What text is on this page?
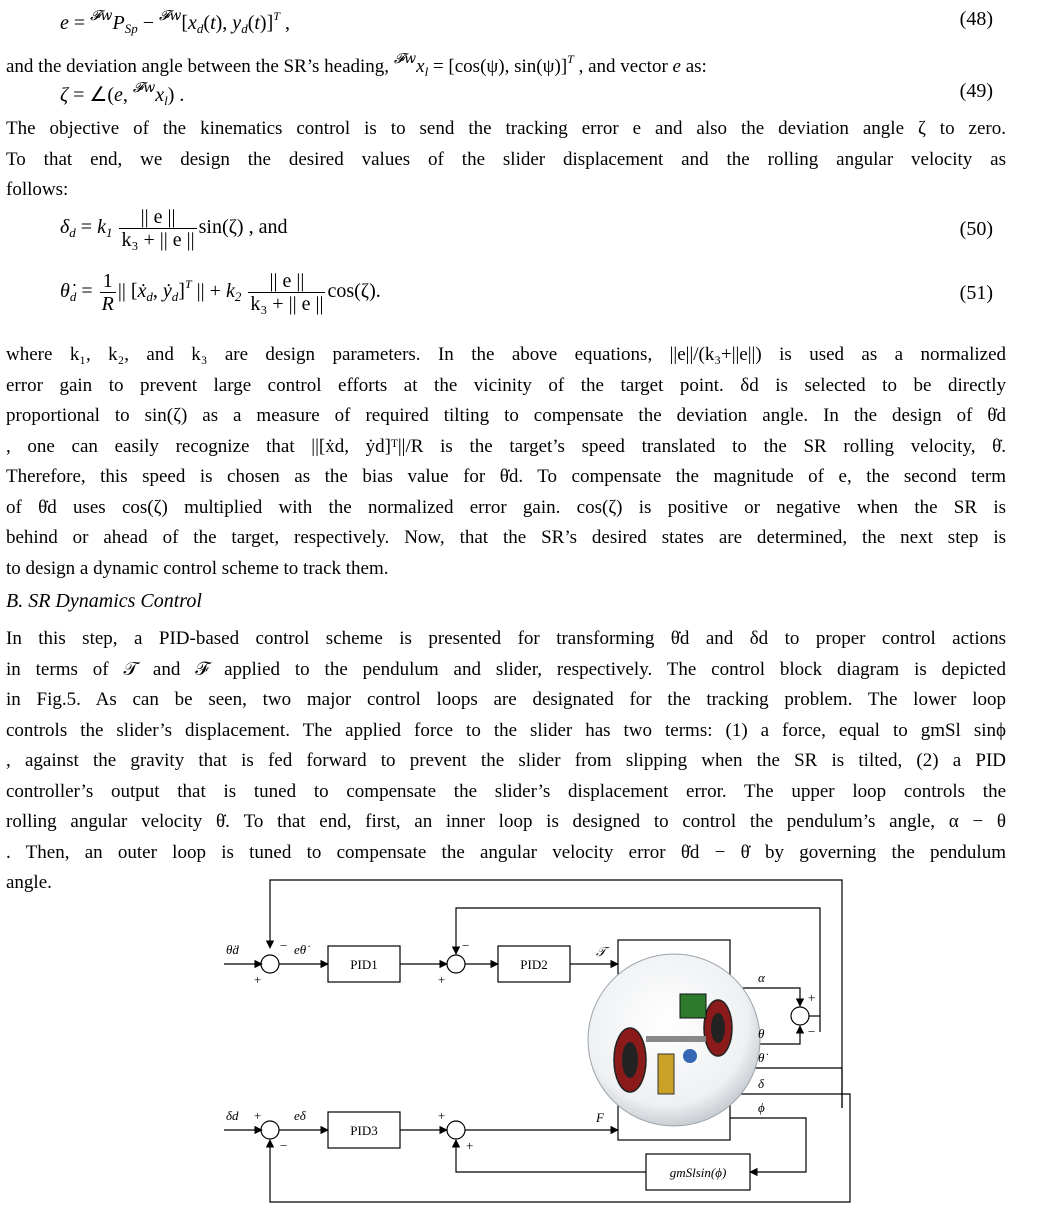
$e = ^{𝓕w}P_{Sp} - ^{𝓕w}[x_d(t)$, $y_d(t)]^T$ ,	(48)
and the deviation angle between the SR’s heading, $^{𝓕w}x_l = [\cos(\psi)$, sin(ψ)]$^T$ , and vector e as:
ζ = ∠(e, $^{𝓕w}x_l$) .	(49)
The objective of the kinematics control is to send the tracking error e and also the deviation angle ζ to zero.
To that end, we design the desired values of the slider displacement and the rolling angular velocity as
follows:
$\delta_d = k_1 \frac{|| e ||}{\text{k₃ + || e ||}} \sin(\zeta)$ , and	(50)
$\thetȧ_d = \frac{1}{R}$ || [ẋ$_d$, ẏ$_d$]$^T$ || + $k_2 \frac{|| e ||}{\text{k₃ + || e ||}} \cos(\zeta)$.	(51)
where k₁, k₂, and k₃ are design parameters. In the above equations, ||e||/(k₃+||e||) is used as a normalized
error gain to prevent large control efforts at the vicinity of the target point. δd is selected to be directly
proportional to sin(ζ) as a measure of required tilting to compensate the deviation angle. In the design of θ̇d
, one can easily recognize that ||[ẋd, ẏd]ᵀ||/R is the target’s speed translated to the SR rolling velocity, θ̇.
Therefore, this speed is chosen as the bias value for θ̇d. To compensate the magnitude of e, the second term
of θ̇d uses cos(ζ) multiplied with the normalized error gain. cos(ζ) is positive or negative when the SR is
behind or ahead of the target, respectively. Now, that the SR’s desired states are determined, the next step is
to design a dynamic control scheme to track them.
B. SR Dynamics Control
In this step, a PID-based control scheme is presented for transforming θ̇d and δd to proper control actions
in terms of 𝒯 and ℱ applied to the pendulum and slider, respectively. The control block diagram is depicted
in Fig.5. As can be seen, two major control loops are designated for the tracking problem. The lower loop
controls the slider’s displacement. The applied force to the slider has two terms: (1) a force, equal to gmSl sinϕ
, against the gravity that is fed forward to prevent the slider from slipping when the SR is tilted, (2) a PID
controller’s output that is tuned to compensate the slider’s displacement error. The upper loop controls the
rolling angular velocity θ̇. To that end, first, an inner loop is designed to control the pendulum’s angle, α − θ
. Then, an outer loop is tuned to compensate the angular velocity error θ̇d − θ̇ by governing the pendulum
angle.
PID1	PID2
PID3
gmSlsin(ϕ)
θ̇d
δd
eθ̇
eδ
𝒯
F
α
θ
θ̇
δ
ϕ
−
+
−
+
+
−
+
−
+
+
